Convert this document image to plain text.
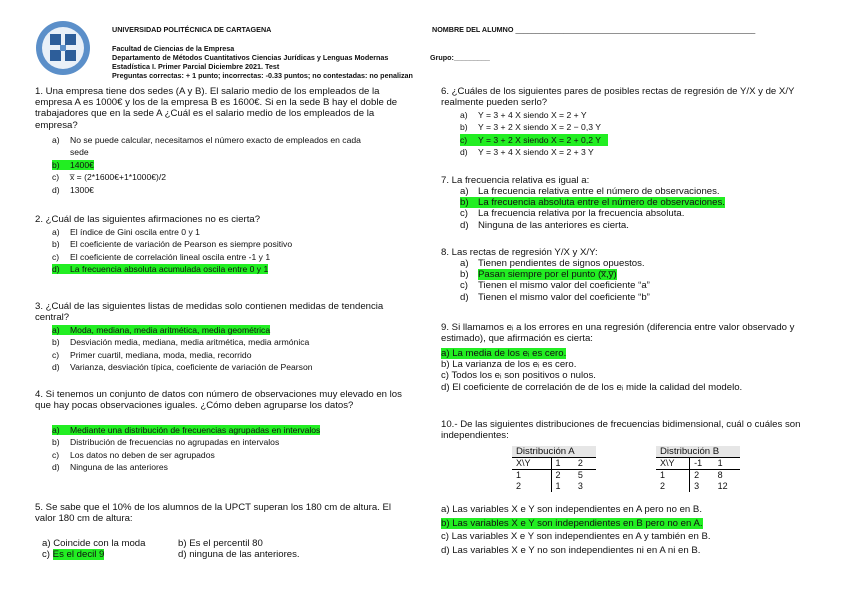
UNIVERSIDAD POLITÉCNICA DE CARTAGENA	NOMBRE DEL ALUMNO ____________________________________________________________
Facultad de Ciencias de la Empresa
Departamento de Métodos Cuantitativos Ciencias Jurídicas y Lenguas Modernas	Grupo:_________
Estadística I. Primer Parcial Diciembre 2021. Test
Preguntas correctas: + 1 punto; incorrectas: -0.33 puntos; no contestadas: no penalizan
1. Una empresa tiene dos sedes (A y B). El salario medio de los empleados de la empresa A es 1000€ y los de la empresa B es 1600€. Si en la sede B hay el doble de trabajadores que en la sede A ¿Cuál es el salario medio de los empleados de la empresa?
a) No se puede calcular, necesitamos el número exacto de empleados en cada
sede
b) 1400€
c) x̅ = (2*1600€+1*1000€)/2
d) 1300€
2. ¿Cuál de las siguientes afirmaciones no es cierta?
a) El índice de Gini oscila entre 0 y 1
b) El coeficiente de variación de Pearson es siempre positivo
c) El coeficiente de correlación lineal oscila entre -1 y 1
d) La frecuencia absoluta acumulada oscila entre 0 y 1
3. ¿Cuál de las siguientes listas de medidas solo contienen medidas de tendencia central?
a) Moda, mediana, media aritmética, media geométrica
b) Desviación media, mediana, media aritmética, media armónica
c) Primer cuartil, mediana, moda, media, recorrido
d) Varianza, desviación típica, coeficiente de variación de Pearson
4. Si tenemos un conjunto de datos con número de observaciones muy elevado en los que hay pocas observaciones iguales. ¿Cómo deben agruparse los datos?
a) Mediante una distribución de frecuencias agrupadas en intervalos
b) Distribución de frecuencias no agrupadas en intervalos
c) Los datos no deben de ser agrupados
d) Ninguna de las anteriores
5. Se sabe que el 10% de los alumnos de la UPCT superan los 180 cm de altura. El valor 180 cm de altura:
a) Coincide con la moda	b) Es el percentil 80
c) Es el decil 9	d) ninguna de las anteriores.
6. ¿Cuáles de los siguientes pares de posibles rectas de regresión de Y/X y de X/Y realmente pueden serlo?
a) Y = 3 + 4 X siendo X = 2 + Y
b) Y = 3 + 2 X siendo X = 2 − 0,3 Y
c) Y = 3 + 2 X siendo X = 2 + 0,2 Y
d) Y = 3 + 4 X siendo X = 2 + 3 Y
7. La frecuencia relativa es igual a:
a) La frecuencia relativa entre el número de observaciones.
b) La frecuencia absoluta entre el número de observaciones.
c) La frecuencia relativa por la frecuencia absoluta.
d) Ninguna de las anteriores es cierta.
8. Las rectas de regresión Y/X y X/Y:
a) Tienen pendientes de signos opuestos.
b) Pasan siempre por el punto (x̅,y̅)
c) Tienen el mismo valor del coeficiente “a”
d) Tienen el mismo valor del coeficiente “b”
9. Si llamamos eᵢ a los errores en una regresión (diferencia entre valor observado y estimado), que afirmación es cierta:
a) La media de los eᵢ es cero.
b) La varianza de los eᵢ es cero.
c) Todos los eᵢ son positivos o nulos.
d) El coeficiente de correlación de de los eᵢ mide la calidad del modelo.
10.- De las siguientes distribuciones de frecuencias bidimensional, cuál o cuáles son independientes:
Distribución A		
X\Y	1	2
1	2	5
2	1	3
Distribución B		
X\Y	-1	1
1	2	8
2	3	12
a) Las variables X e Y son independientes en A pero no en B.
b) Las variables X e Y son independientes en B pero no en A.
c) Las variables X e Y son independientes en A y también en B.
d) Las variables X e Y no son independientes ni en A ni en B.
